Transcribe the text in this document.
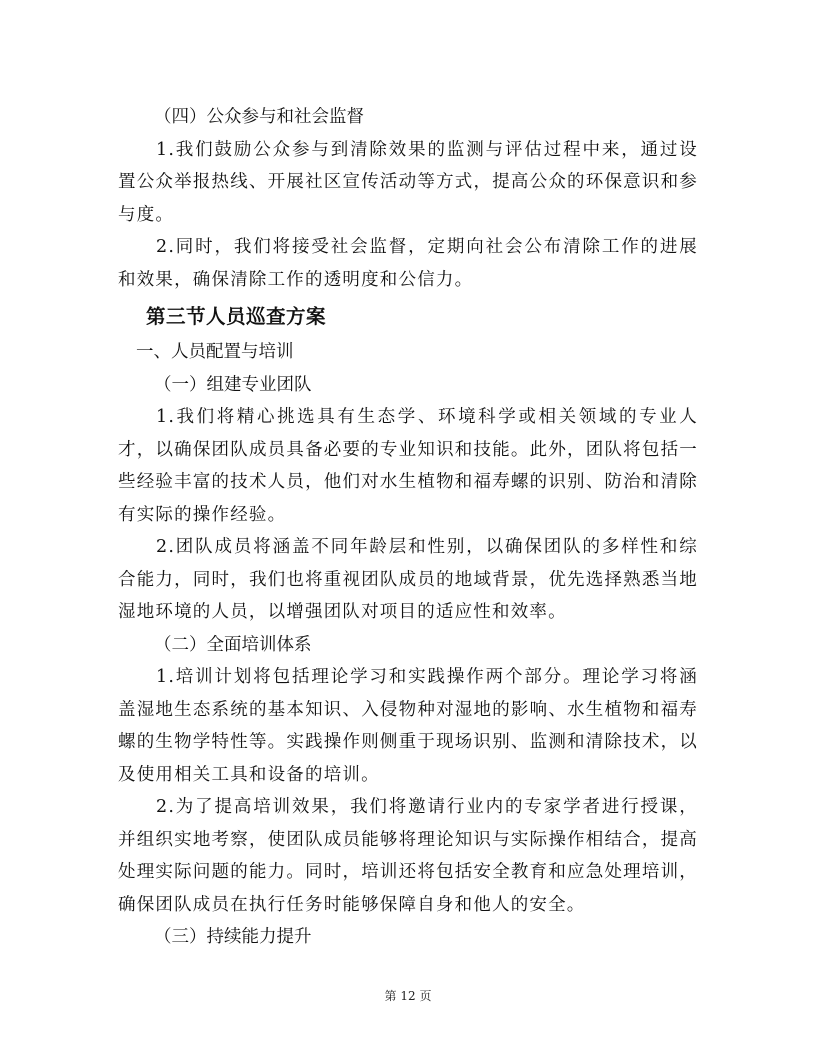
（四）公众参与和社会监督

1.我们鼓励公众参与到清除效果的监测与评估过程中来，通过设置公众举报热线、开展社区宣传活动等方式，提高公众的环保意识和参与度。

2.同时，我们将接受社会监督，定期向社会公布清除工作的进展和效果，确保清除工作的透明度和公信力。

第三节人员巡查方案

一、人员配置与培训

（一）组建专业团队

1.我们将精心挑选具有生态学、环境科学或相关领域的专业人才，以确保团队成员具备必要的专业知识和技能。此外，团队将包括一些经验丰富的技术人员，他们对水生植物和福寿螺的识别、防治和清除有实际的操作经验。

2.团队成员将涵盖不同年龄层和性别，以确保团队的多样性和综合能力，同时，我们也将重视团队成员的地域背景，优先选择熟悉当地湿地环境的人员，以增强团队对项目的适应性和效率。

（二）全面培训体系

1.培训计划将包括理论学习和实践操作两个部分。理论学习将涵盖湿地生态系统的基本知识、入侵物种对湿地的影响、水生植物和福寿螺的生物学特性等。实践操作则侧重于现场识别、监测和清除技术，以及使用相关工具和设备的培训。

2.为了提高培训效果，我们将邀请行业内的专家学者进行授课，并组织实地考察，使团队成员能够将理论知识与实际操作相结合，提高处理实际问题的能力。同时，培训还将包括安全教育和应急处理培训，确保团队成员在执行任务时能够保障自身和他人的安全。

（三）持续能力提升

第 12 页
